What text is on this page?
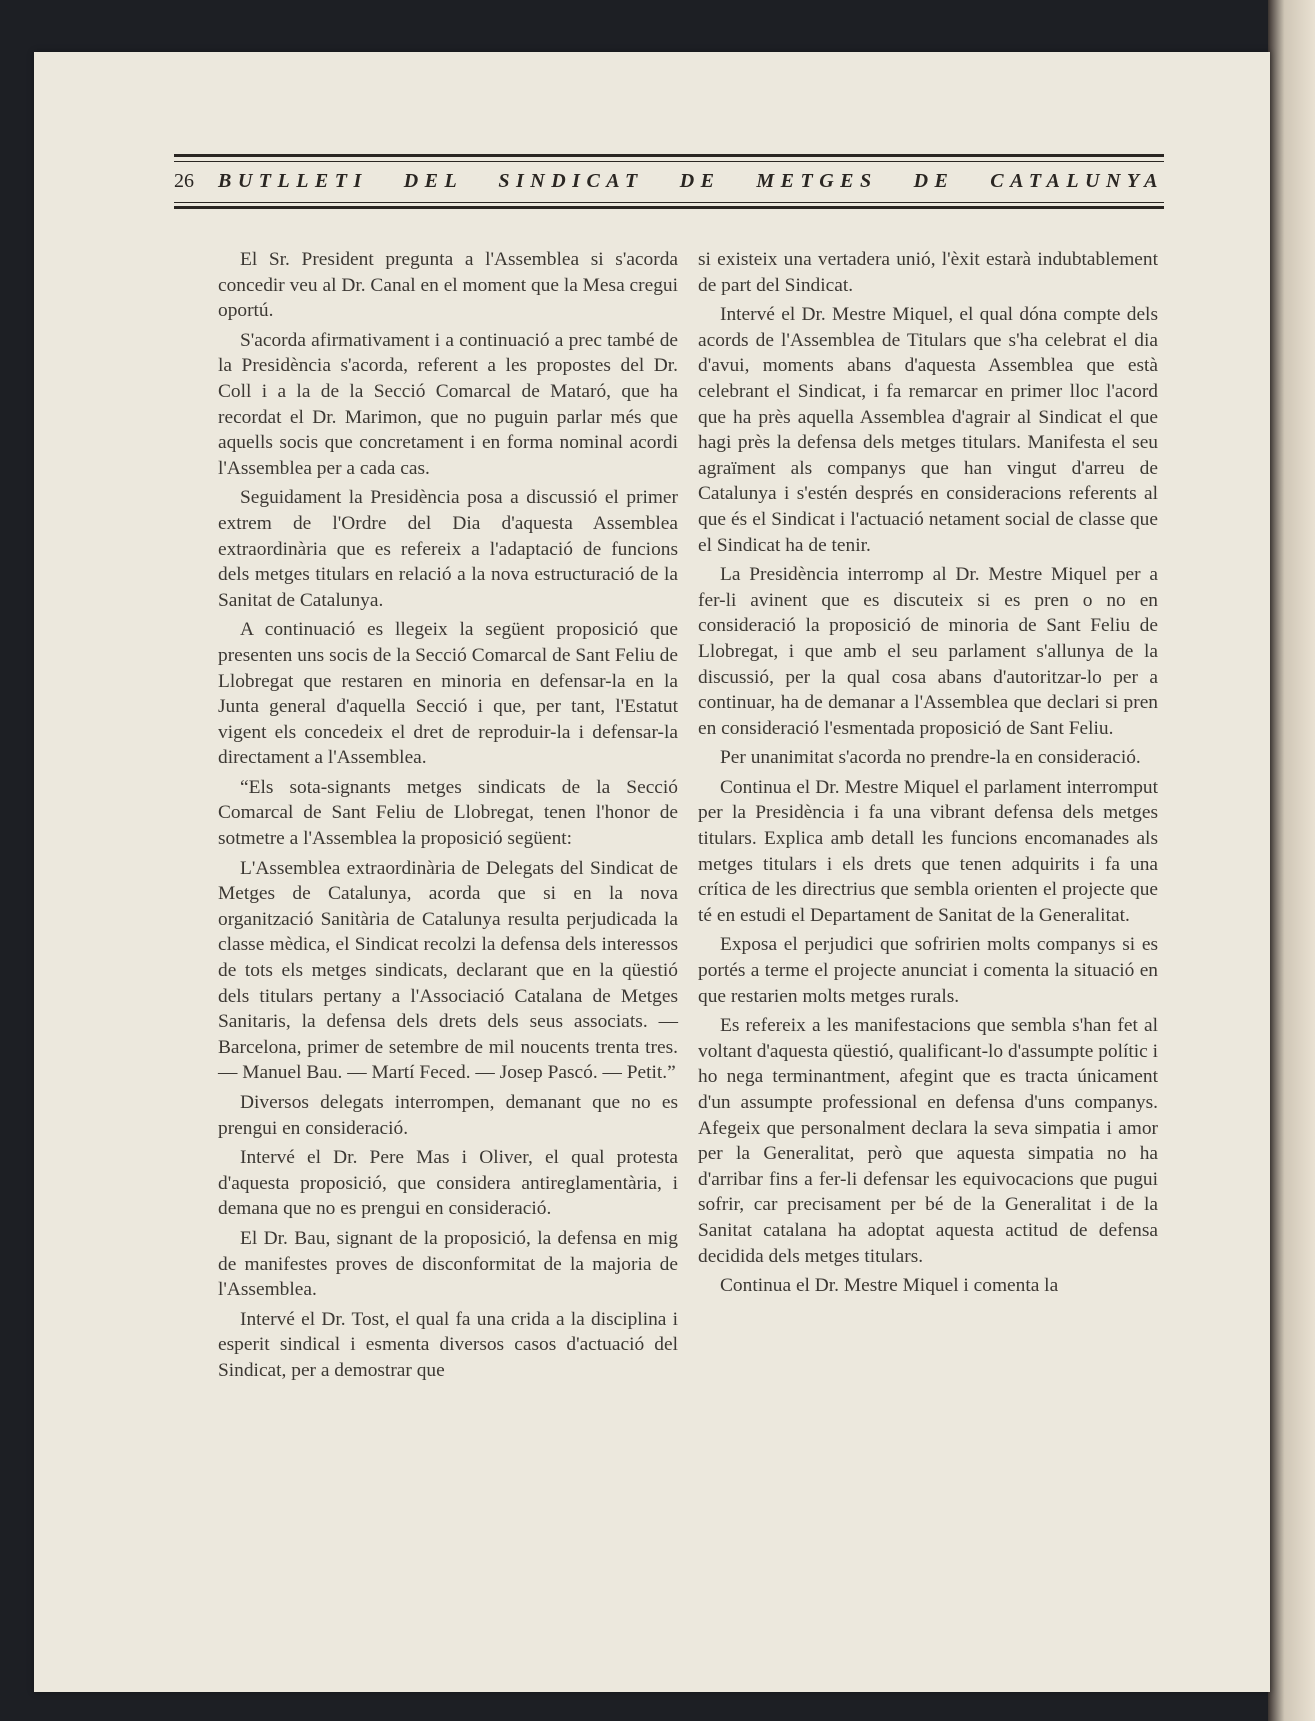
26	BUTLLETI DEL SINDICAT DE METGES DE CATALUNYA

El Sr. President pregunta a l'Assemblea si s'acorda concedir veu al Dr. Canal en el moment que la Mesa cregui oportú.

S'acorda afirmativament i a continuació a prec també de la Presidència s'acorda, referent a les propostes del Dr. Coll i a la de la Secció Comarcal de Mataró, que ha recordat el Dr. Marimon, que no puguin parlar més que aquells socis que concretament i en forma nominal acordi l'Assemblea per a cada cas.

Seguidament la Presidència posa a discussió el primer extrem de l'Ordre del Dia d'aquesta Assemblea extraordinària que es refereix a l'adaptació de funcions dels metges titulars en relació a la nova estructuració de la Sanitat de Catalunya.

A continuació es llegeix la següent proposició que presenten uns socis de la Secció Comarcal de Sant Feliu de Llobregat que restaren en minoria en defensar-la en la Junta general d'aquella Secció i que, per tant, l'Estatut vigent els concedeix el dret de reproduir-la i defensar-la directament a l'Assemblea.

“Els sota-signants metges sindicats de la Secció Comarcal de Sant Feliu de Llobregat, tenen l'honor de sotmetre a l'Assemblea la proposició següent:

L'Assemblea extraordinària de Delegats del Sindicat de Metges de Catalunya, acorda que si en la nova organització Sanitària de Catalunya resulta perjudicada la classe mèdica, el Sindicat recolzi la defensa dels interessos de tots els metges sindicats, declarant que en la qüestió dels titulars pertany a l'Associació Catalana de Metges Sanitaris, la defensa dels drets dels seus associats. — Barcelona, primer de setembre de mil noucents trenta tres. — Manuel Bau. — Martí Feced. — Josep Pascó. — Petit.”

Diversos delegats interrompen, demanant que no es prengui en consideració.

Intervé el Dr. Pere Mas i Oliver, el qual protesta d'aquesta proposició, que considera antireglamentària, i demana que no es prengui en consideració.

El Dr. Bau, signant de la proposició, la defensa en mig de manifestes proves de disconformitat de la majoria de l'Assemblea.

Intervé el Dr. Tost, el qual fa una crida a la disciplina i esperit sindical i esmenta diversos casos d'actuació del Sindicat, per a demostrar que

si existeix una vertadera unió, l'èxit estarà indubtablement de part del Sindicat.

Intervé el Dr. Mestre Miquel, el qual dóna compte dels acords de l'Assemblea de Titulars que s'ha celebrat el dia d'avui, moments abans d'aquesta Assemblea que està celebrant el Sindicat, i fa remarcar en primer lloc l'acord que ha près aquella Assemblea d'agrair al Sindicat el que hagi près la defensa dels metges titulars. Manifesta el seu agraïment als companys que han vingut d'arreu de Catalunya i s'estén després en consideracions referents al que és el Sindicat i l'actuació netament social de classe que el Sindicat ha de tenir.

La Presidència interromp al Dr. Mestre Miquel per a fer-li avinent que es discuteix si es pren o no en consideració la proposició de minoria de Sant Feliu de Llobregat, i que amb el seu parlament s'allunya de la discussió, per la qual cosa abans d'autoritzar-lo per a continuar, ha de demanar a l'Assemblea que declari si pren en consideració l'esmentada proposició de Sant Feliu.

Per unanimitat s'acorda no prendre-la en consideració.

Continua el Dr. Mestre Miquel el parlament interromput per la Presidència i fa una vibrant defensa dels metges titulars. Explica amb detall les funcions encomanades als metges titulars i els drets que tenen adquirits i fa una crítica de les directrius que sembla orienten el projecte que té en estudi el Departament de Sanitat de la Generalitat.

Exposa el perjudici que sofririen molts companys si es portés a terme el projecte anunciat i comenta la situació en que restarien molts metges rurals.

Es refereix a les manifestacions que sembla s'han fet al voltant d'aquesta qüestió, qualificant-lo d'assumpte polític i ho nega terminantment, afegint que es tracta únicament d'un assumpte professional en defensa d'uns companys. Afegeix que personalment declara la seva simpatia i amor per la Generalitat, però que aquesta simpatia no ha d'arribar fins a fer-li defensar les equivocacions que pugui sofrir, car precisament per bé de la Generalitat i de la Sanitat catalana ha adoptat aquesta actitud de defensa decidida dels metges titulars.

Continua el Dr. Mestre Miquel i comenta la
